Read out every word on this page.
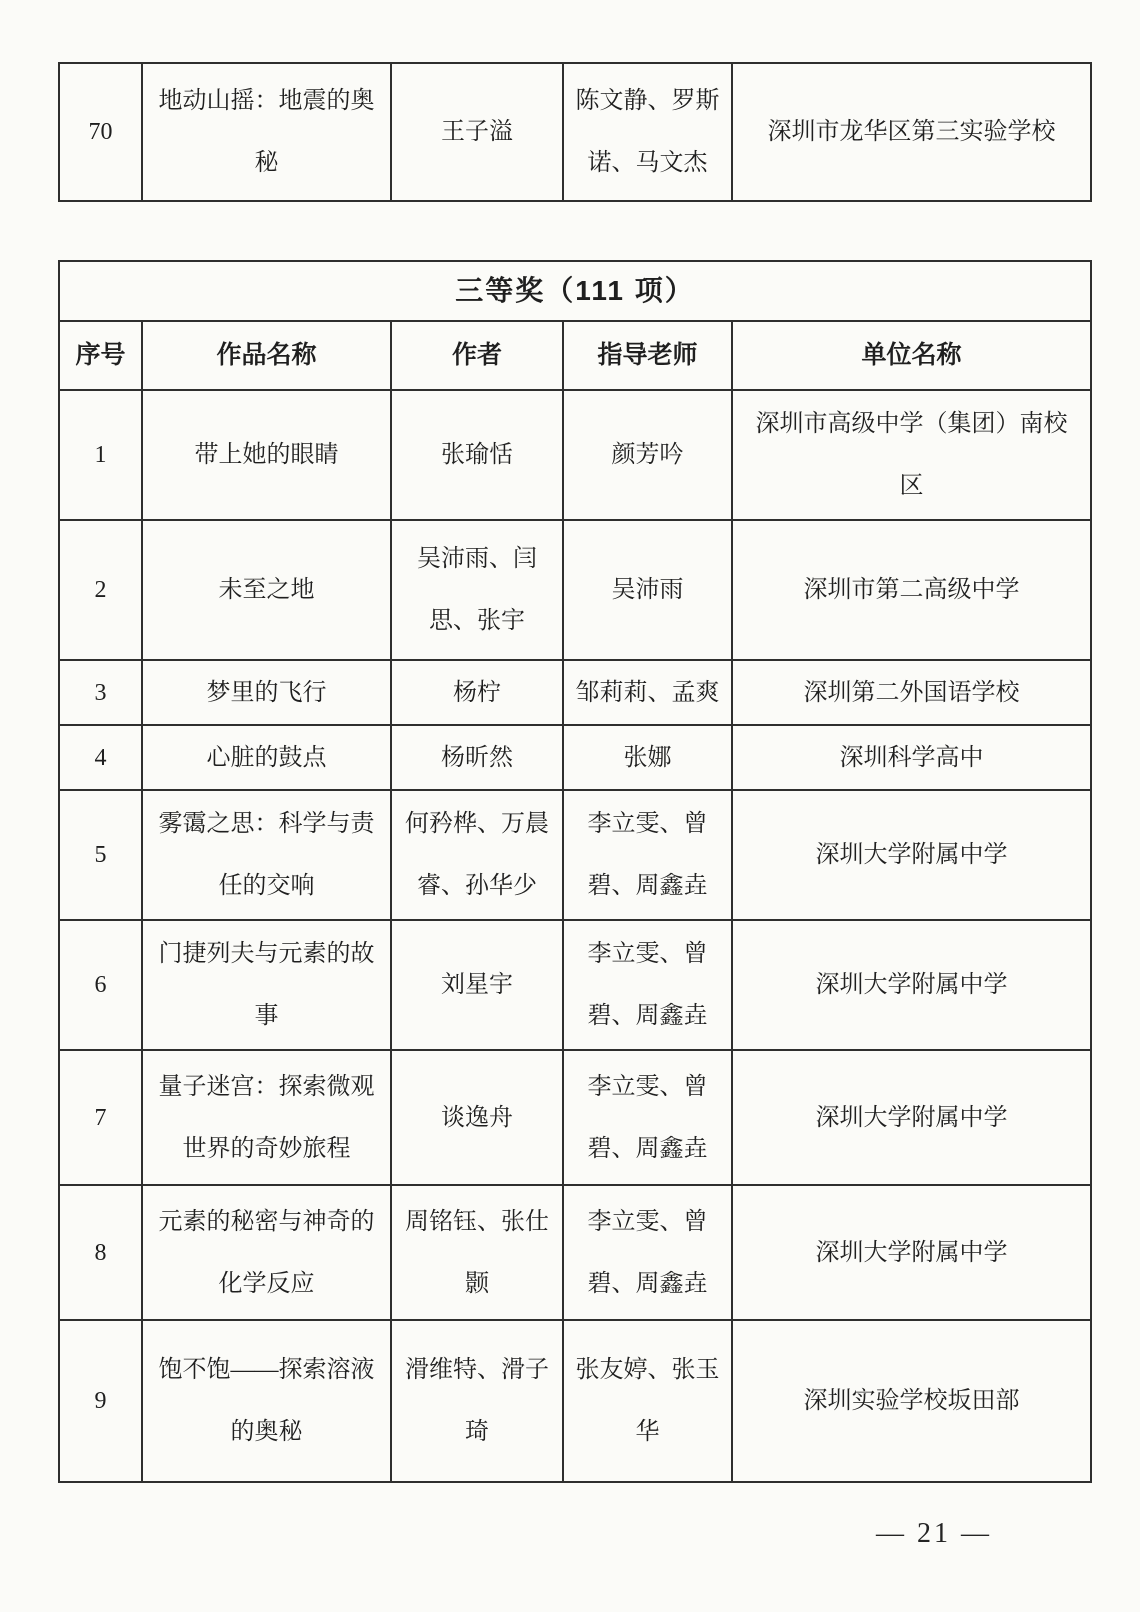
70	地动山摇：地震的奥秘	王子溢	陈文静、罗斯诺、马文杰	深圳市龙华区第三实验学校
三等奖（111 项）				
序号	作品名称	作者	指导老师	单位名称
1	带上她的眼睛	张瑜恬	颜芳吟	深圳市高级中学（集团）南校区
2	未至之地	吴沛雨、闫思、张宇	吴沛雨	深圳市第二高级中学
3	梦里的飞行	杨柠	邹莉莉、孟爽	深圳第二外国语学校
4	心脏的鼓点	杨昕然	张娜	深圳科学高中
5	雾霭之思：科学与责任的交响	何矜桦、万晨睿、孙华少	李立雯、曾碧、周鑫垚	深圳大学附属中学
6	门捷列夫与元素的故事	刘星宇	李立雯、曾碧、周鑫垚	深圳大学附属中学
7	量子迷宫：探索微观世界的奇妙旅程	谈逸舟	李立雯、曾碧、周鑫垚	深圳大学附属中学
8	元素的秘密与神奇的化学反应	周铭钰、张仕颢	李立雯、曾碧、周鑫垚	深圳大学附属中学
9	饱不饱——探索溶液的奥秘	滑维特、滑子琦	张友婷、张玉华	深圳实验学校坂田部
— 21 —
